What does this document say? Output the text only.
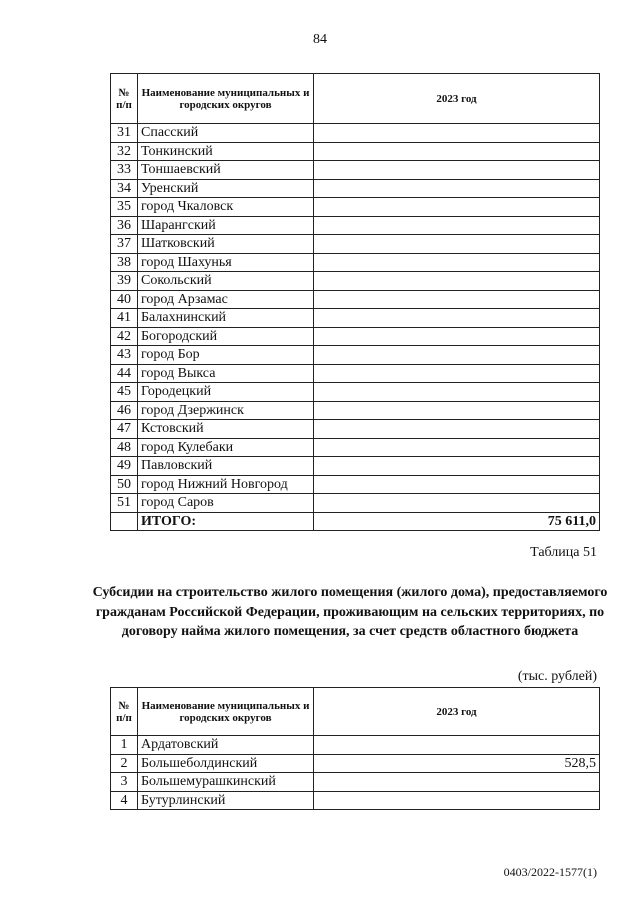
84
№ п/п	Наименование муниципальных и городских округов	2023 год
31	Спасский	
32	Тонкинский	
33	Тоншаевский	
34	Уренский	
35	город Чкаловск	
36	Шарангский	
37	Шатковский	
38	город Шахунья	
39	Сокольский	
40	город Арзамас	
41	Балахнинский	
42	Богородский	
43	город Бор	
44	город Выкса	
45	Городецкий	
46	город Дзержинск	
47	Кстовский	
48	город Кулебаки	
49	Павловский	
50	город Нижний Новгород	
51	город Саров	
	ИТОГО:	75 611,0
Таблица 51
Субсидии на строительство жилого помещения (жилого дома), предоставляемого гражданам Российской Федерации, проживающим на сельских территориях, по договору найма жилого помещения, за счет средств областного бюджета
(тыс. рублей)
№ п/п	Наименование муниципальных и городских округов	2023 год
1	Ардатовский	
2	Большеболдинский	528,5
3	Большемурашкинский	
4	Бутурлинский	
0403/2022-1577(1)
